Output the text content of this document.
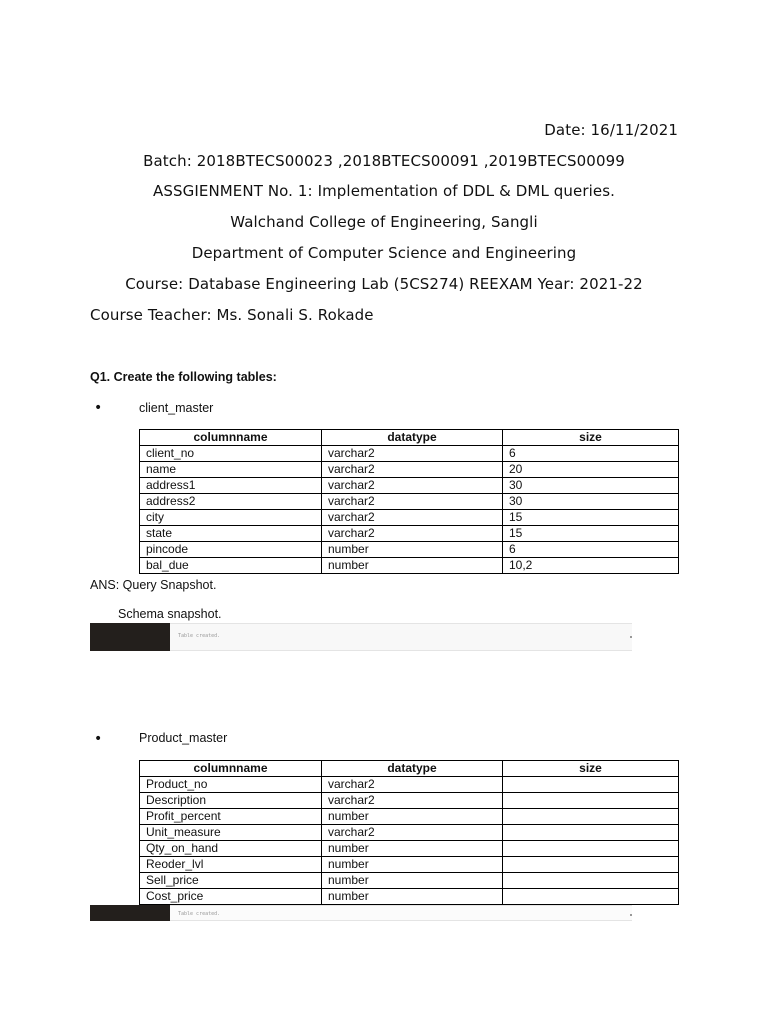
Date: 16/11/2021
Batch: 2018BTECS00023 ,2018BTECS00091 ,2019BTECS00099
ASSGIENMENT No. 1: Implementation of DDL & DML queries.
Walchand College of Engineering, Sangli
Department of Computer Science and Engineering
Course: Database Engineering Lab (5CS274) REEXAM Year: 2021-22
Course Teacher: Ms. Sonali S. Rokade
Q1. Create the following tables:
•	client_master
columnname	datatype	size
client_no	varchar2	6
name	varchar2	20
address1	varchar2	30
address2	varchar2	30
city	varchar2	15
state	varchar2	15
pincode	number	6
bal_due	number	10,2
ANS: Query Snapshot.
Schema snapshot.
Table created.
•	Product_master
columnname	datatype	size
Product_no	varchar2	
Description	varchar2	
Profit_percent	number	
Unit_measure	varchar2	
Qty_on_hand	number	
Reoder_lvl	number	
Sell_price	number	
Cost_price	number	
Table created.
